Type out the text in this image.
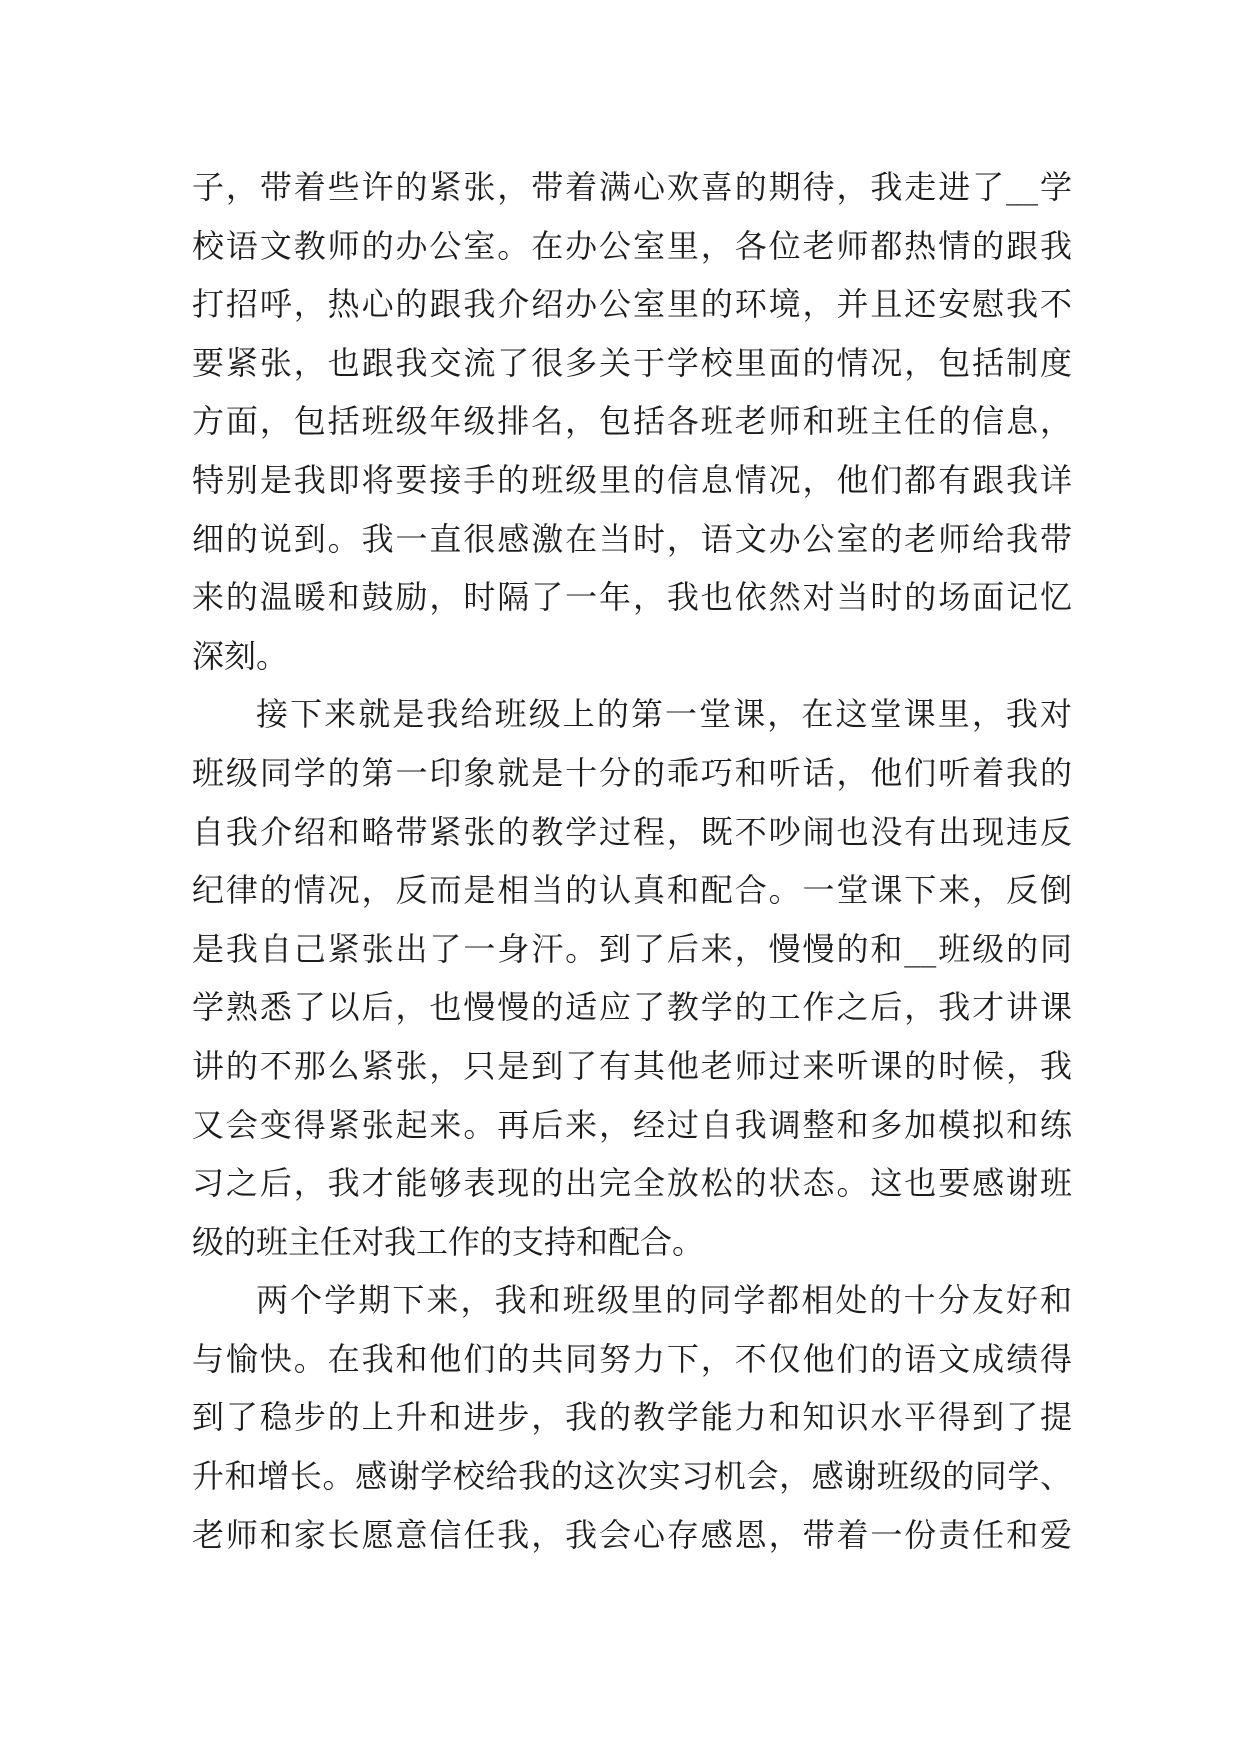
子，带着些许的紧张，带着满心欢喜的期待，我走进了__学
校语文教师的办公室。在办公室里，各位老师都热情的跟我
打招呼，热心的跟我介绍办公室里的环境，并且还安慰我不
要紧张，也跟我交流了很多关于学校里面的情况，包括制度
方面，包括班级年级排名，包括各班老师和班主任的信息，
特别是我即将要接手的班级里的信息情况，他们都有跟我详
细的说到。我一直很感激在当时，语文办公室的老师给我带
来的温暖和鼓励，时隔了一年，我也依然对当时的场面记忆
深刻。
接下来就是我给班级上的第一堂课，在这堂课里，我对
班级同学的第一印象就是十分的乖巧和听话，他们听着我的
自我介绍和略带紧张的教学过程，既不吵闹也没有出现违反
纪律的情况，反而是相当的认真和配合。一堂课下来，反倒
是我自己紧张出了一身汗。到了后来，慢慢的和__班级的同
学熟悉了以后，也慢慢的适应了教学的工作之后，我才讲课
讲的不那么紧张，只是到了有其他老师过来听课的时候，我
又会变得紧张起来。再后来，经过自我调整和多加模拟和练
习之后，我才能够表现的出完全放松的状态。这也要感谢班
级的班主任对我工作的支持和配合。
两个学期下来，我和班级里的同学都相处的十分友好和
与愉快。在我和他们的共同努力下，不仅他们的语文成绩得
到了稳步的上升和进步，我的教学能力和知识水平得到了提
升和增长。感谢学校给我的这次实习机会，感谢班级的同学、
老师和家长愿意信任我，我会心存感恩，带着一份责任和爱
